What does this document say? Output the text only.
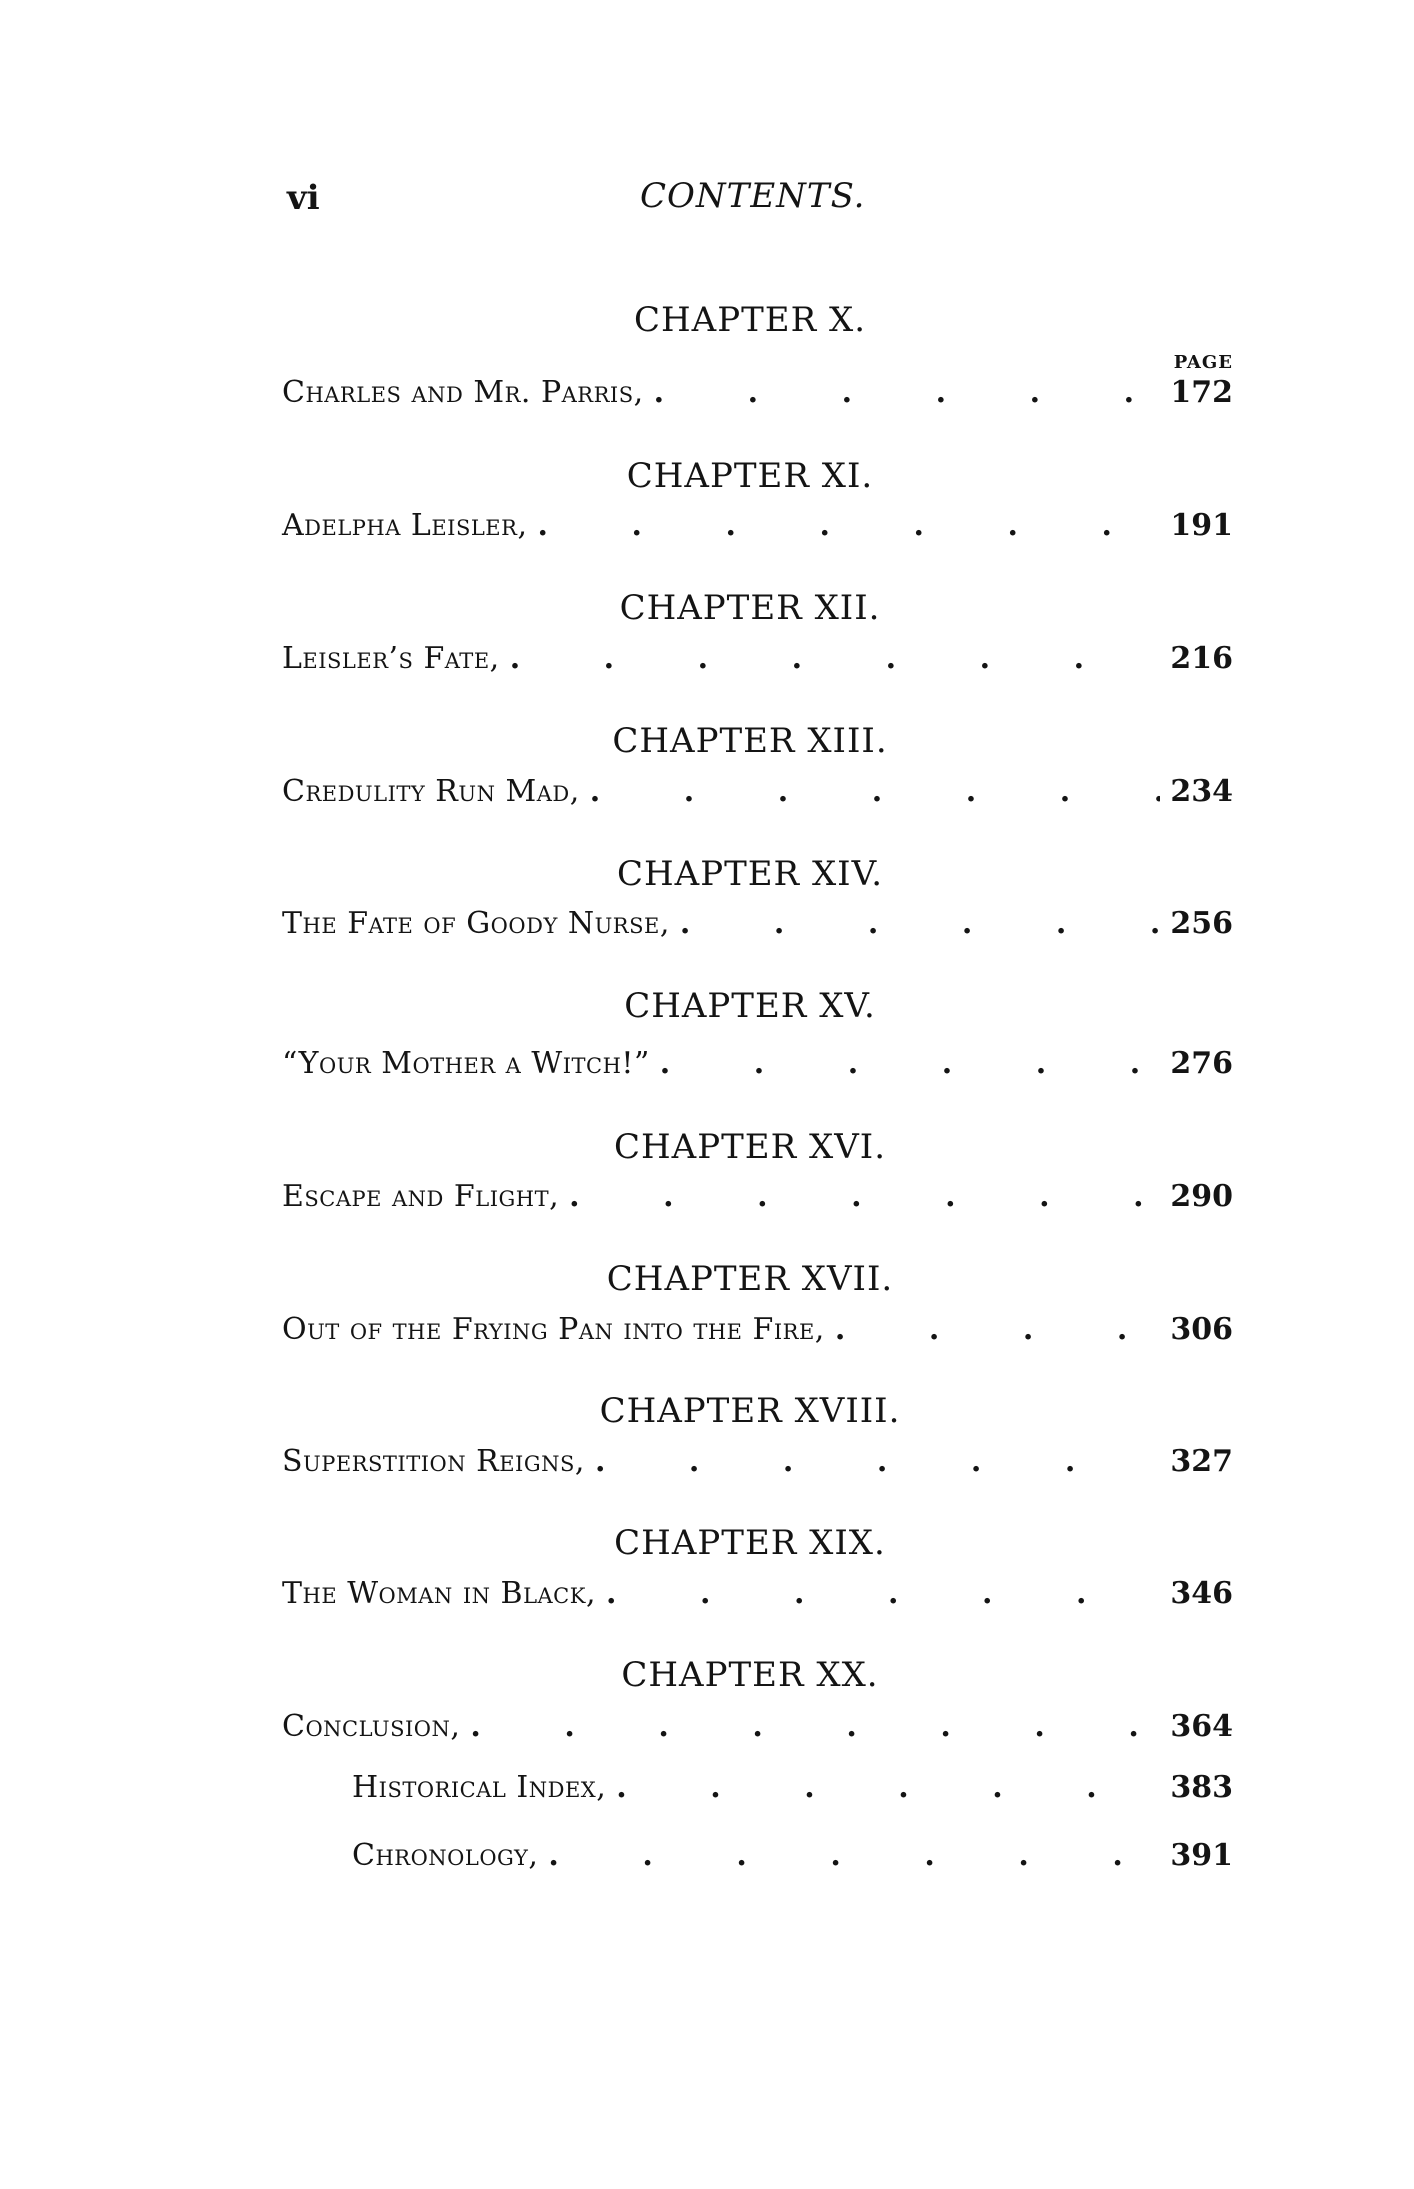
vi	CONTENTS.
PAGE
CHAPTER X.
Charles and Mr. Parris, .	172
CHAPTER XI.
Adelpha Leisler, .	191
CHAPTER XII.
Leisler’s Fate, .	216
CHAPTER XIII.
Credulity Run Mad, .	234
CHAPTER XIV.
The Fate of Goody Nurse, .	256
CHAPTER XV.
“Your Mother a Witch!” .	276
CHAPTER XVI.
Escape and Flight, .	290
CHAPTER XVII.
Out of the Frying Pan into the Fire, .	306
CHAPTER XVIII.
Superstition Reigns, .	327
CHAPTER XIX.
The Woman in Black, .	346
CHAPTER XX.
Conclusion, .	364
Historical Index, .	383
Chronology, .	391
